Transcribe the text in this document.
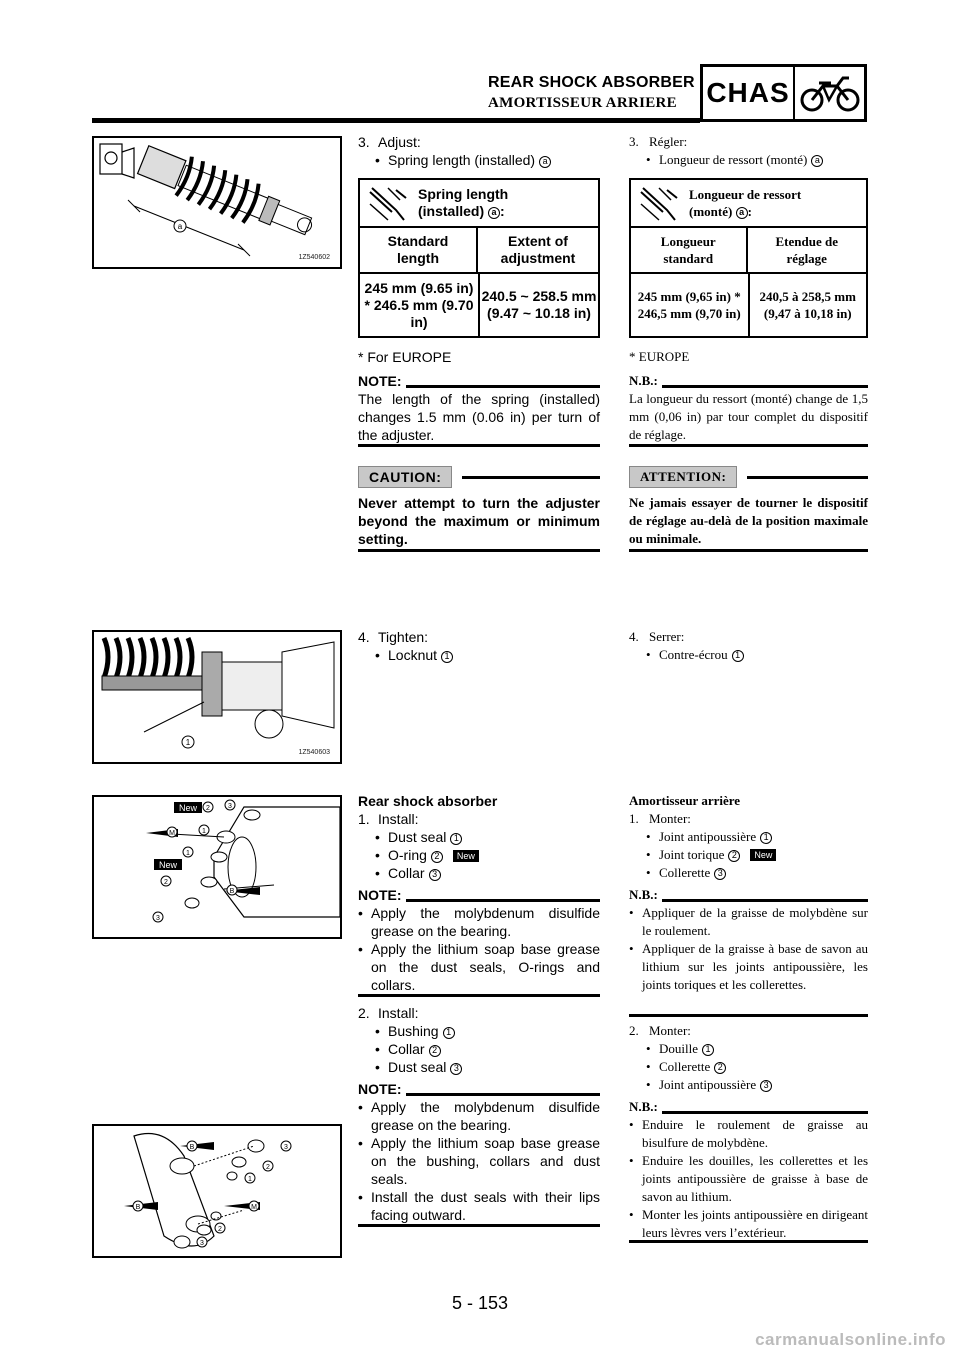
REAR SHOCK ABSORBER
AMORTISSEUR ARRIERE CHAS
a
1Z540602
1
1Z540603
New
New
M
B
2	3
1
1
2
3
B
B	M
3
2
1
2
3
3. Adjust:
• Spring length (installed) a
Spring length
(installed) a :
Standard length
Extent of adjustment
245 mm (9.65 in) * 246.5 mm (9.70 in)
240.5 ~ 258.5 mm (9.47 ~ 10.18 in)
* For EUROPE
NOTE:
The length of the spring (installed) changes 1.5 mm (0.06 in) per turn of the adjuster.
CAUTION:
Never attempt to turn the adjuster beyond the maximum or minimum setting.
4. Tighten:
• Locknut 1
Rear shock absorber
1. Install:
• Dust seal 1
• O-ring 2 New
• Collar 3
NOTE:
• Apply the molybdenum disulfide grease on the bearing.
• Apply the lithium soap base grease on the dust seals, O-rings and collars.
2. Install:
• Bushing 1
• Collar 2
• Dust seal 3
NOTE:
• Apply the molybdenum disulfide grease on the bearing.
• Apply the lithium soap base grease on the bushing, collars and dust seals.
• Install the dust seals with their lips facing outward.
3. Régler:
• Longueur de ressort (monté) a
Longueur de ressort
(monté) a :
Longueur standard
Etendue de réglage
245 mm (9,65 in) * 246,5 mm (9,70 in)
240,5 à 258,5 mm (9,47 à 10,18 in)
* EUROPE
N.B.:
La longueur du ressort (monté) change de 1,5 mm (0,06 in) par tour complet du dispositif de réglage.
ATTENTION:
Ne jamais essayer de tourner le dispositif de réglage au-delà de la position maximale ou minimale.
4. Serrer:
• Contre-écrou 1
Amortisseur arrière
1. Monter:
• Joint antipoussière 1
• Joint torique 2 New
• Collerette 3
N.B.:
• Appliquer de la graisse de molybdène sur le roulement.
• Appliquer de la graisse à base de savon au lithium sur les joints antipoussière, les joints toriques et les collerettes.
2. Monter:
• Douille 1
• Collerette 2
• Joint antipoussière 3
N.B.:
• Enduire le roulement de graisse au bisulfure de molybdène.
• Enduire les douilles, les collerettes et les joints antipoussière de graisse à base de savon au lithium.
• Monter les joints antipoussière en dirigeant leurs lèvres vers l’extérieur.
5 - 153
carmanualsonline.info
